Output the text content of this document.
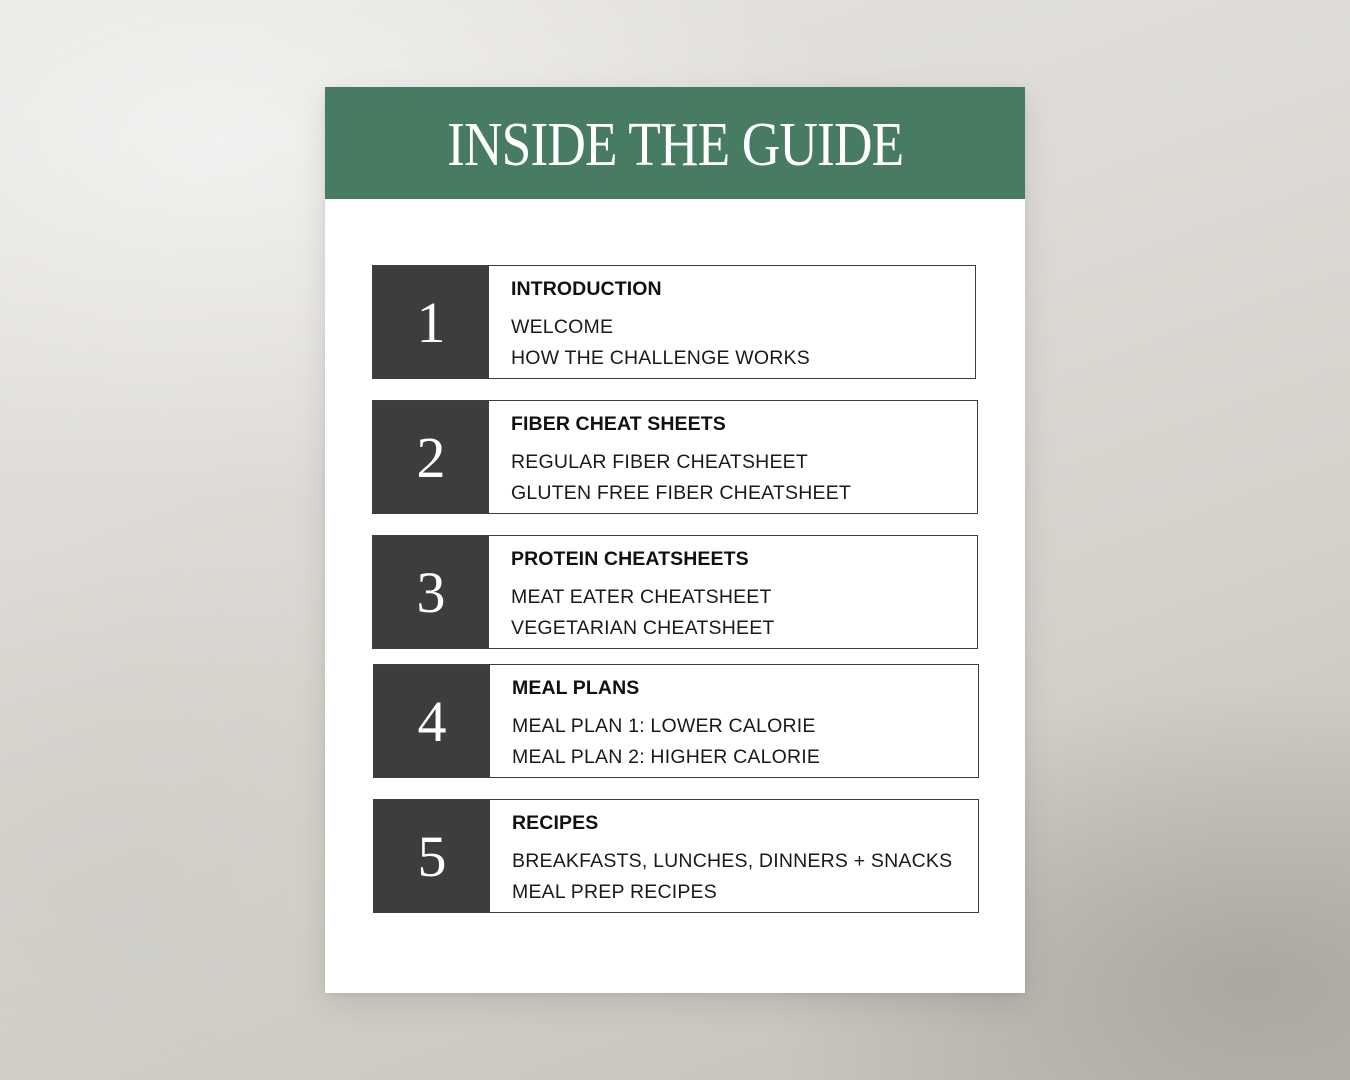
INSIDE THE GUIDE
1
INTRODUCTION
WELCOME
HOW THE CHALLENGE WORKS
2
FIBER CHEAT SHEETS
REGULAR FIBER CHEATSHEET
GLUTEN FREE FIBER CHEATSHEET
3
PROTEIN CHEATSHEETS
MEAT EATER CHEATSHEET
VEGETARIAN CHEATSHEET
4
MEAL PLANS
MEAL PLAN 1: LOWER CALORIE
MEAL PLAN 2: HIGHER CALORIE
5
RECIPES
BREAKFASTS, LUNCHES, DINNERS + SNACKS
MEAL PREP RECIPES
